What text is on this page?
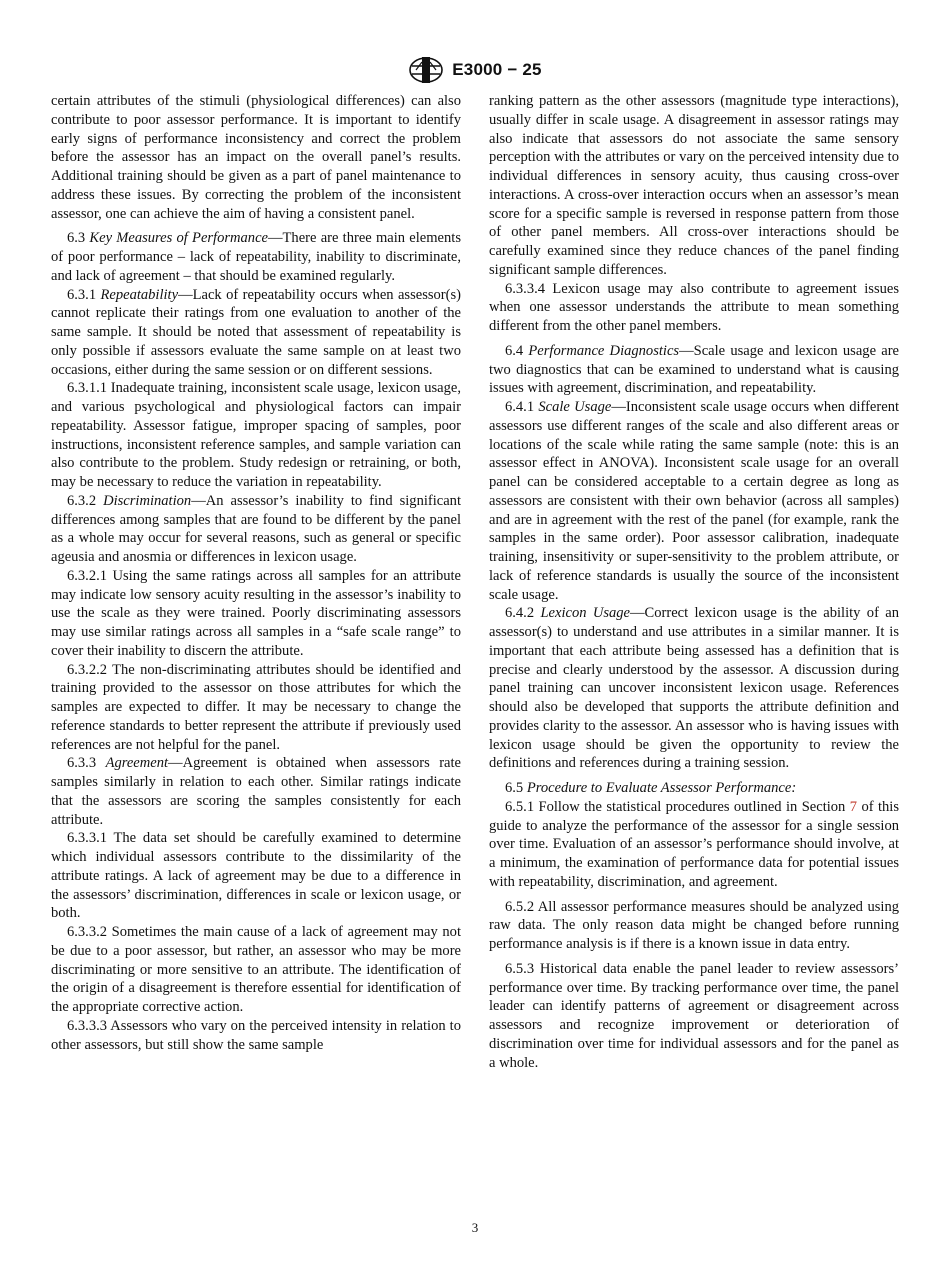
E3000 − 25

certain attributes of the stimuli (physiological differences) can also contribute to poor assessor performance. It is important to identify early signs of performance inconsistency and correct the problem before the assessor has an impact on the overall panel’s results. Additional training should be given as a part of panel maintenance to address these issues. By correcting the problem of the inconsistent assessor, one can achieve the aim of having a consistent panel.

6.3 Key Measures of Performance—There are three main elements of poor performance – lack of repeatability, inability to discriminate, and lack of agreement – that should be examined regularly.

6.3.1 Repeatability—Lack of repeatability occurs when assessor(s) cannot replicate their ratings from one evaluation to another of the same sample. It should be noted that assessment of repeatability is only possible if assessors evaluate the same sample on at least two occasions, either during the same session or on different sessions.

6.3.1.1 Inadequate training, inconsistent scale usage, lexicon usage, and various psychological and physiological factors can impair repeatability. Assessor fatigue, improper spacing of samples, poor instructions, inconsistent reference samples, and sample variation can also contribute to the problem. Study redesign or retraining, or both, may be necessary to reduce the variation in repeatability.

6.3.2 Discrimination—An assessor’s inability to find significant differences among samples that are found to be different by the panel as a whole may occur for several reasons, such as general or specific ageusia and anosmia or differences in lexicon usage.

6.3.2.1 Using the same ratings across all samples for an attribute may indicate low sensory acuity resulting in the assessor’s inability to use the scale as they were trained. Poorly discriminating assessors may use similar ratings across all samples in a “safe scale range” to cover their inability to discern the attribute.

6.3.2.2 The non-discriminating attributes should be identified and training provided to the assessor on those attributes for which the samples are expected to differ. It may be necessary to change the reference standards to better represent the attribute if previously used references are not helpful for the panel.

6.3.3 Agreement—Agreement is obtained when assessors rate samples similarly in relation to each other. Similar ratings indicate that the assessors are scoring the samples consistently for each attribute.

6.3.3.1 The data set should be carefully examined to determine which individual assessors contribute to the dissimilarity of the attribute ratings. A lack of agreement may be due to a difference in the assessors’ discrimination, differences in scale or lexicon usage, or both.

6.3.3.2 Sometimes the main cause of a lack of agreement may not be due to a poor assessor, but rather, an assessor who may be more discriminating or more sensitive to an attribute. The identification of the origin of a disagreement is therefore essential for identification of the appropriate corrective action.

6.3.3.3 Assessors who vary on the perceived intensity in relation to other assessors, but still show the same sample

ranking pattern as the other assessors (magnitude type interactions), usually differ in scale usage. A disagreement in assessor ratings may also indicate that assessors do not associate the same sensory perception with the attributes or vary on the perceived intensity due to individual differences in sensory acuity, thus causing cross-over interactions. A cross-over interaction occurs when an assessor’s mean score for a specific sample is reversed in response pattern from those of other panel members. All cross-over interactions should be carefully examined since they reduce chances of the panel finding significant sample differences.

6.3.3.4 Lexicon usage may also contribute to agreement issues when one assessor understands the attribute to mean something different from the other panel members.

6.4 Performance Diagnostics—Scale usage and lexicon usage are two diagnostics that can be examined to understand what is causing issues with agreement, discrimination, and repeatability.

6.4.1 Scale Usage—Inconsistent scale usage occurs when different assessors use different ranges of the scale and also different areas or locations of the scale while rating the same sample (note: this is an assessor effect in ANOVA). Inconsistent scale usage for an overall panel can be considered acceptable to a certain degree as long as assessors are consistent with their own behavior (across all samples) and are in agreement with the rest of the panel (for example, rank the samples in the same order). Poor assessor calibration, inadequate training, insensitivity or super-sensitivity to the problem attribute, or lack of reference standards is usually the source of the inconsistent scale usage.

6.4.2 Lexicon Usage—Correct lexicon usage is the ability of an assessor(s) to understand and use attributes in a similar manner. It is important that each attribute being assessed has a definition that is precise and clearly understood by the assessor. A discussion during panel training can uncover inconsistent lexicon usage. References should also be developed that supports the attribute definition and provides clarity to the assessor. An assessor who is having issues with lexicon usage should be given the opportunity to review the definitions and references during a training session.

6.5 Procedure to Evaluate Assessor Performance:

6.5.1 Follow the statistical procedures outlined in Section 7 of this guide to analyze the performance of the assessor for a single session over time. Evaluation of an assessor’s performance should involve, at a minimum, the examination of performance data for potential issues with repeatability, discrimination, and agreement.

6.5.2 All assessor performance measures should be analyzed using raw data. The only reason data might be changed before running performance analysis is if there is a known issue in data entry.

6.5.3 Historical data enable the panel leader to review assessors’ performance over time. By tracking performance over time, the panel leader can identify patterns of agreement or disagreement across assessors and recognize improvement or deterioration of discrimination over time for individual assessors and for the panel as a whole.

3
